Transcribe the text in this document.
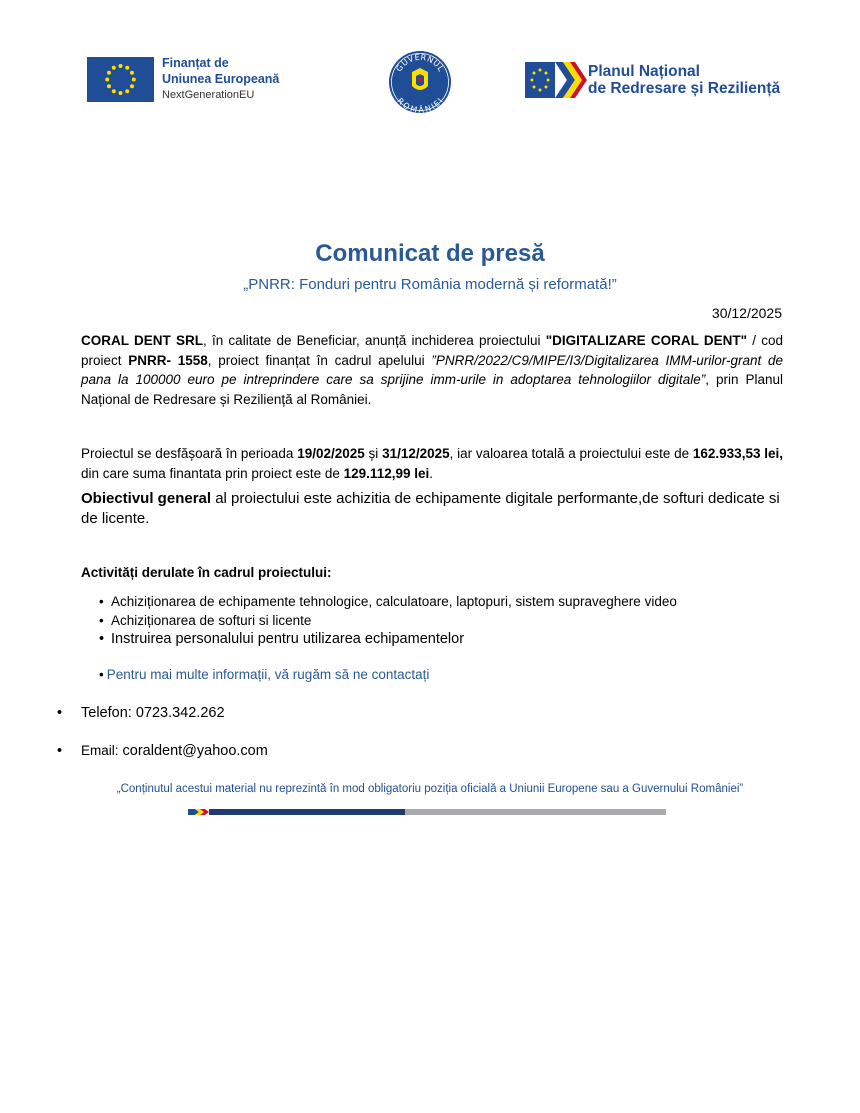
Finanțat de
Uniunea Europeană
NextGenerationEU
GUVERNUL
ROMÂNIEI
Planul Național
de Redresare și Reziliență
Comunicat de presă
„PNRR: Fonduri pentru România modernă și reformată!”
30/12/2025
CORAL DENT SRL, în calitate de Beneficiar, anunță inchiderea proiectului "DIGITALIZARE CORAL DENT" / cod proiect PNRR- 1558, proiect finanțat în cadrul apelului ”PNRR/2022/C9/MIPE/I3/Digitalizarea IMM-urilor-grant de pana la 100000 euro pe intreprindere care sa sprijine imm-urile in adoptarea tehnologiilor digitale”, prin Planul Național de Redresare și Reziliență al României.
Proiectul se desfășoară în perioada 19/02/2025 și 31/12/2025, iar valoarea totală a proiectului este de 162.933,53 lei, din care suma finantata prin proiect este de 129.112,99 lei.
Obiectivul general al proiectului este achizitia de echipamente digitale performante,de softuri dedicate si de licente.
Activități derulate în cadrul proiectului:
• Achiziționarea de echipamente tehnologice, calculatoare, laptopuri, sistem supraveghere video
• Achiziționarea de softuri si licente
• Instruirea personalului pentru utilizarea echipamentelor
• Pentru mai multe informații, vă rugăm să ne contactați
• Telefon: 0723.342.262
• Email: coraldent@yahoo.com
„Conținutul acestui material nu reprezintă în mod obligatoriu poziția oficială a Uniunii Europene sau a Guvernului României”
